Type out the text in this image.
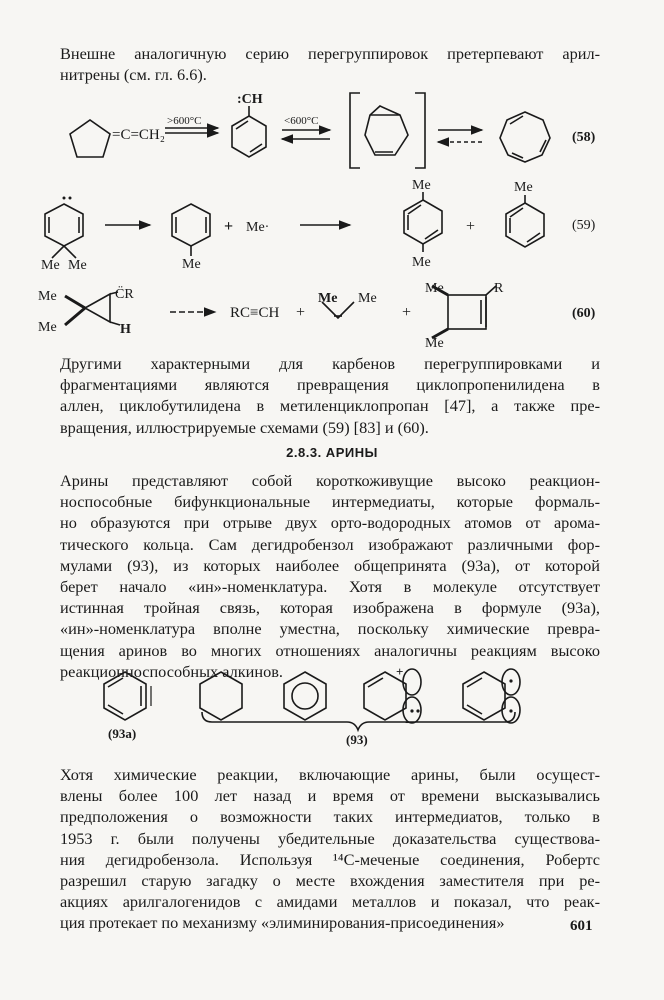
Внешне аналогичную серию перегруппировок претерпевают арил-
нитрены (см. гл. 6.6).
=C=CH₂
>600°C
:CH
<600°C
(58)
Me Me	Me
+ Me·
Me
Me
+
Me
(59)
Me	C̈R
Me	H
RC≡CH +
Me Me
+
Me	R
Me
(60)
Другими характерными для карбенов перегруппировками и
фрагментациями являются превращения циклопропенилидена в
аллен, циклобутилидена в метиленциклопропан [47], а также пре-
вращения, иллюстрируемые схемами (59) [83] и (60).
2.8.3. АРИНЫ
Арины представляют собой короткоживущие высоко реакцион-
носпособные бифункциональные интермедиаты, которые формаль-
но образуются при отрыве двух орто-водородных атомов от арома-
тического кольца. Сам дегидробензол изображают различными фор-
мулами (93), из которых наиболее общепринята (93а), от которой
берет начало «ин»-номенклатура. Хотя в молекуле отсутствует
истинная тройная связь, которая изображена в формуле (93а),
«ин»-номенклатура вполне уместна, поскольку химические превра-
щения аринов во многих отношениях аналогичны реакциям высоко
реакционноспособных алкинов.	+
−
(93а)	(93)
Хотя химические реакции, включающие арины, были осущест-
влены более 100 лет назад и время от времени высказывались
предположения о возможности таких интермедиатов, только в
1953 г. были получены убедительные доказательства существова-
ния дегидробензола. Используя ¹⁴С-меченые соединения, Робертс
разрешил старую загадку о месте вхождения заместителя при ре-
акциях арилгалогенидов с амидами металлов и показал, что реак-
ция протекает по механизму «элиминирования-присоединения»	601
